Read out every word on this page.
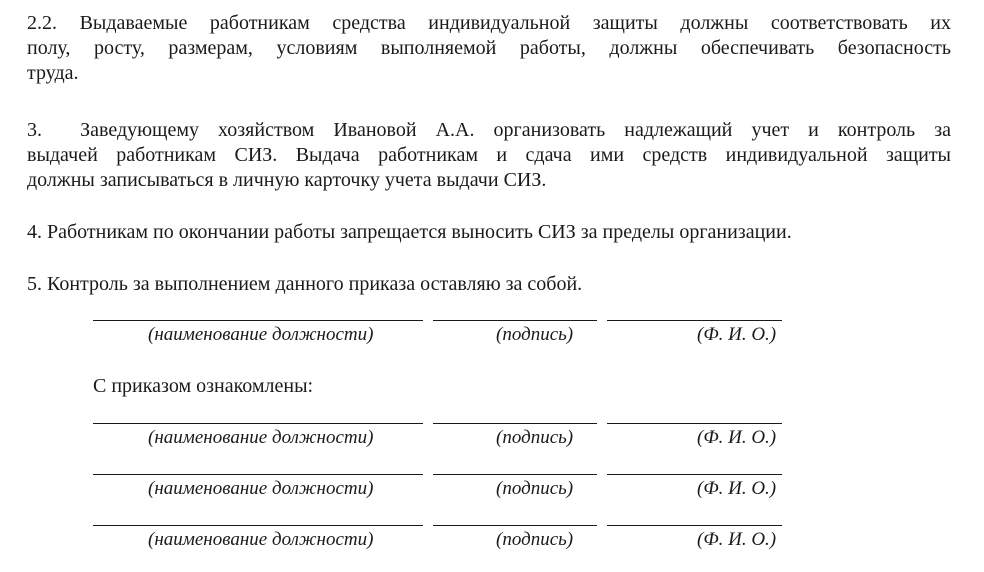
2.2. Выдаваемые работникам средства индивидуальной защиты должны соответствовать их
полу, росту, размерам, условиям выполняемой работы, должны обеспечивать безопасность
труда.
3.  Заведующему хозяйством Ивановой А.А. организовать надлежащий учет и контроль за
выдачей работникам СИЗ. Выдача работникам и сдача ими средств индивидуальной защиты
должны записываться в личную карточку учета выдачи СИЗ.

4. Работникам по окончании работы запрещается выносить СИЗ за пределы организации.

5. Контроль за выполнением данного приказа оставляю за собой.

(наименование должности)	(подпись)	(Ф. И. О.)
С приказом ознакомлены:
(наименование должности)	(подпись)	(Ф. И. О.)
(наименование должности)	(подпись)	(Ф. И. О.)
(наименование должности)	(подпись)	(Ф. И. О.)
